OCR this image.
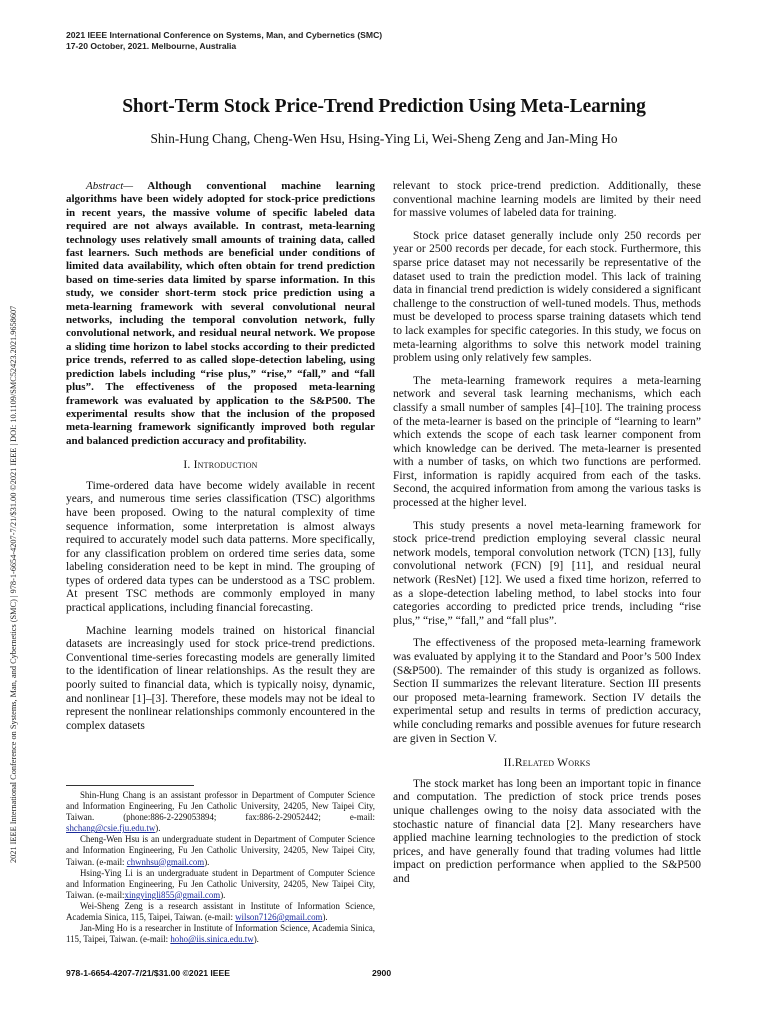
2021 IEEE International Conference on Systems, Man, and Cybernetics (SMC)
17-20 October, 2021. Melbourne, Australia
Short-Term Stock Price-Trend Prediction Using Meta-Learning
Shin-Hung Chang, Cheng-Wen Hsu, Hsing-Ying Li, Wei-Sheng Zeng and Jan-Ming Ho
2021 IEEE International Conference on Systems, Man, and Cybernetics (SMC) | 978-1-6654-4207-7/21/$31.00 ©2021 IEEE | DOI: 10.1109/SMC52423.2021.9658607

Abstract— Although conventional machine learning algorithms have been widely adopted for stock-price predictions in recent years, the massive volume of specific labeled data required are not always available. In contrast, meta-learning technology uses relatively small amounts of training data, called fast learners. Such methods are beneficial under conditions of limited data availability, which often obtain for trend prediction based on time-series data limited by sparse information. In this study, we consider short-term stock price prediction using a meta-learning framework with several convolutional neural networks, including the temporal convolution network, fully convolutional network, and residual neural network. We propose a sliding time horizon to label stocks according to their predicted price trends, referred to as called slope-detection labeling, using prediction labels including “rise plus,” “rise,” “fall,” and “fall plus”. The effectiveness of the proposed meta-learning framework was evaluated by application to the S&P500. The experimental results show that the inclusion of the proposed meta-learning framework significantly improved both regular and balanced prediction accuracy and profitability.

I. Introduction

Time-ordered data have become widely available in recent years, and numerous time series classification (TSC) algorithms have been proposed. Owing to the natural complexity of time sequence information, some interpretation is almost always required to accurately model such data patterns. More specifically, for any classification problem on ordered time series data, some labeling consideration need to be kept in mind. The grouping of types of ordered data types can be understood as a TSC problem. At present TSC methods are commonly employed in many practical applications, including financial forecasting.

Machine learning models trained on historical financial datasets are increasingly used for stock price-trend predictions. Conventional time-series forecasting models are generally limited to the identification of linear relationships. As the result they are poorly suited to financial data, which is typically noisy, dynamic, and nonlinear [1]–[3]. Therefore, these models may not be ideal to represent the nonlinear relationships commonly encountered in the complex datasets

Shin-Hung Chang is an assistant professor in Department of Computer Science and Information Engineering, Fu Jen Catholic University, 24205, New Taipei City, Taiwan. (phone:886-2-229053894; fax:886-2-29052442; e-mail: shchang@csie.fju.edu.tw).

Cheng-Wen Hsu is an undergraduate student in Department of Computer Science and Information Engineering, Fu Jen Catholic University, 24205, New Taipei City, Taiwan. (e-mail: chwnhsu@gmail.com).

Hsing-Ying Li is an undergraduate student in Department of Computer Science and Information Engineering, Fu Jen Catholic University, 24205, New Taipei City, Taiwan. (e-mail:xingyingli855@gmail.com).

Wei-Sheng Zeng is a research assistant in Institute of Information Science, Academia Sinica, 115, Taipei, Taiwan. (e-mail: wilson7126@gmail.com).

Jan-Ming Ho is a researcher in Institute of Information Science, Academia Sinica, 115, Taipei, Taiwan. (e-mail: hoho@iis.sinica.edu.tw).

relevant to stock price-trend prediction. Additionally, these conventional machine learning models are limited by their need for massive volumes of labeled data for training.

Stock price dataset generally include only 250 records per year or 2500 records per decade, for each stock. Furthermore, this sparse price dataset may not necessarily be representative of the dataset used to train the prediction model. This lack of training data in financial trend prediction is widely considered a significant challenge to the construction of well-tuned models. Thus, methods must be developed to process sparse training datasets which tend to lack examples for specific categories. In this study, we focus on meta-learning algorithms to solve this network model training problem using only relatively few samples.

The meta-learning framework requires a meta-learning network and several task learning mechanisms, which each classify a small number of samples [4]–[10]. The training process of the meta-learner is based on the principle of “learning to learn” which extends the scope of each task learner component from which knowledge can be derived. The meta-learner is presented with a number of tasks, on which two functions are performed. First, information is rapidly acquired from each of the tasks. Second, the acquired information from among the various tasks is processed at the higher level.

This study presents a novel meta-learning framework for stock price-trend prediction employing several classic neural network models, temporal convolution network (TCN) [13], fully convolutional network (FCN) [9] [11], and residual neural network (ResNet) [12]. We used a fixed time horizon, referred to as a slope-detection labeling method, to label stocks into four categories according to predicted price trends, including “rise plus,” “rise,” “fall,” and “fall plus”.

The effectiveness of the proposed meta-learning framework was evaluated by applying it to the Standard and Poor’s 500 Index (S&P500). The remainder of this study is organized as follows. Section II summarizes the relevant literature. Section III presents our proposed meta-learning framework. Section IV details the experimental setup and results in terms of prediction accuracy, while concluding remarks and possible avenues for future research are given in Section V.

II.Related Works

The stock market has long been an important topic in finance and computation. The prediction of stock price trends poses unique challenges owing to the noisy data associated with the stochastic nature of financial data [2]. Many researchers have applied machine learning technologies to the prediction of stock prices, and have generally found that trading volumes had little impact on prediction performance when applied to the S&P500 and

978-1-6654-4207-7/21/$31.00 ©2021 IEEE	2900
